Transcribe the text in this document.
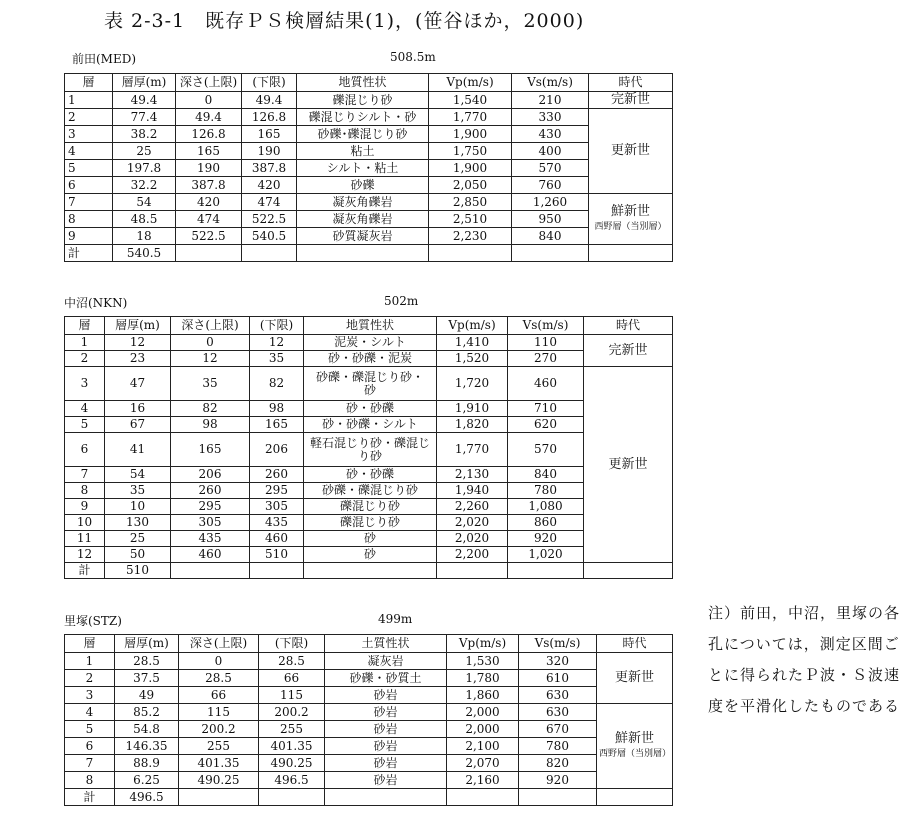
表 2-3-1　既存ＰＳ検層結果(1)，(笹谷ほか，2000)
前田(MED)	508.5m
層	層厚(m)	深さ(上限)	(下限)	地質性状	Vp(m/s)	Vs(m/s)	時代
1	49.4	0	49.4	礫混じり砂	1,540	210	完新世

2	77.4	49.4	126.8	礫混じりシルト・砂	1,770	330	更新世

3	38.2	126.8	165	砂礫･礫混じり砂	1,900	430	
4	25	165	190	粘土	1,750	400	
5	197.8	190	387.8	シルト・粘土	1,900	570	
6	32.2	387.8	420	砂礫	2,050	760	
7	54	420	474	凝灰角礫岩	2,850	1,260	鮮新世
西野層（当別層）

8	48.5	474	522.5	凝灰角礫岩	2,510	950	
9	18	522.5	540.5	砂質凝灰岩	2,230	840	
計	540.5						
中沼(NKN)	502m
層	層厚(m)	深さ(上限)	(下限)	地質性状	Vp(m/s)	Vs(m/s)	時代
1	12	0	12	泥炭・シルト	1,410	110	完新世

2	23	12	35	砂・砂礫・泥炭	1,520	270	
3	47	35	82	砂礫・礫混じり砂・砂	1,720	460	更新世

4	16	82	98	砂・砂礫	1,910	710	
5	67	98	165	砂・砂礫・シルト	1,820	620	
6	41	165	206	軽石混じり砂・礫混じり砂	1,770	570	
7	54	206	260	砂・砂礫	2,130	840	
8	35	260	295	砂礫・礫混じり砂	1,940	780	
9	10	295	305	礫混じり砂	2,260	1,080	
10	130	305	435	礫混じり砂	2,020	860	
11	25	435	460	砂	2,020	920	
12	50	460	510	砂	2,200	1,020	
計	510						
里塚(STZ)	499m
層	層厚(m)	深さ(上限)	(下限)	土質性状	Vp(m/s)	Vs(m/s)	時代
1	28.5	0	28.5	凝灰岩	1,530	320	更新世

2	37.5	28.5	66	砂礫・砂質土	1,780	610	
3	49	66	115	砂岩	1,860	630	
4	85.2	115	200.2	砂岩	2,000	630	鮮新世
西野層（当別層）

5	54.8	200.2	255	砂岩	2,000	670	
6	146.35	255	401.35	砂岩	2,100	780	
7	88.9	401.35	490.25	砂岩	2,070	820	
8	6.25	490.25	496.5	砂岩	2,160	920	
計	496.5						
注）前田，中沼，里塚の各孔については，測定区間ごとに得られたＰ波・Ｓ波速度を平滑化したものである
